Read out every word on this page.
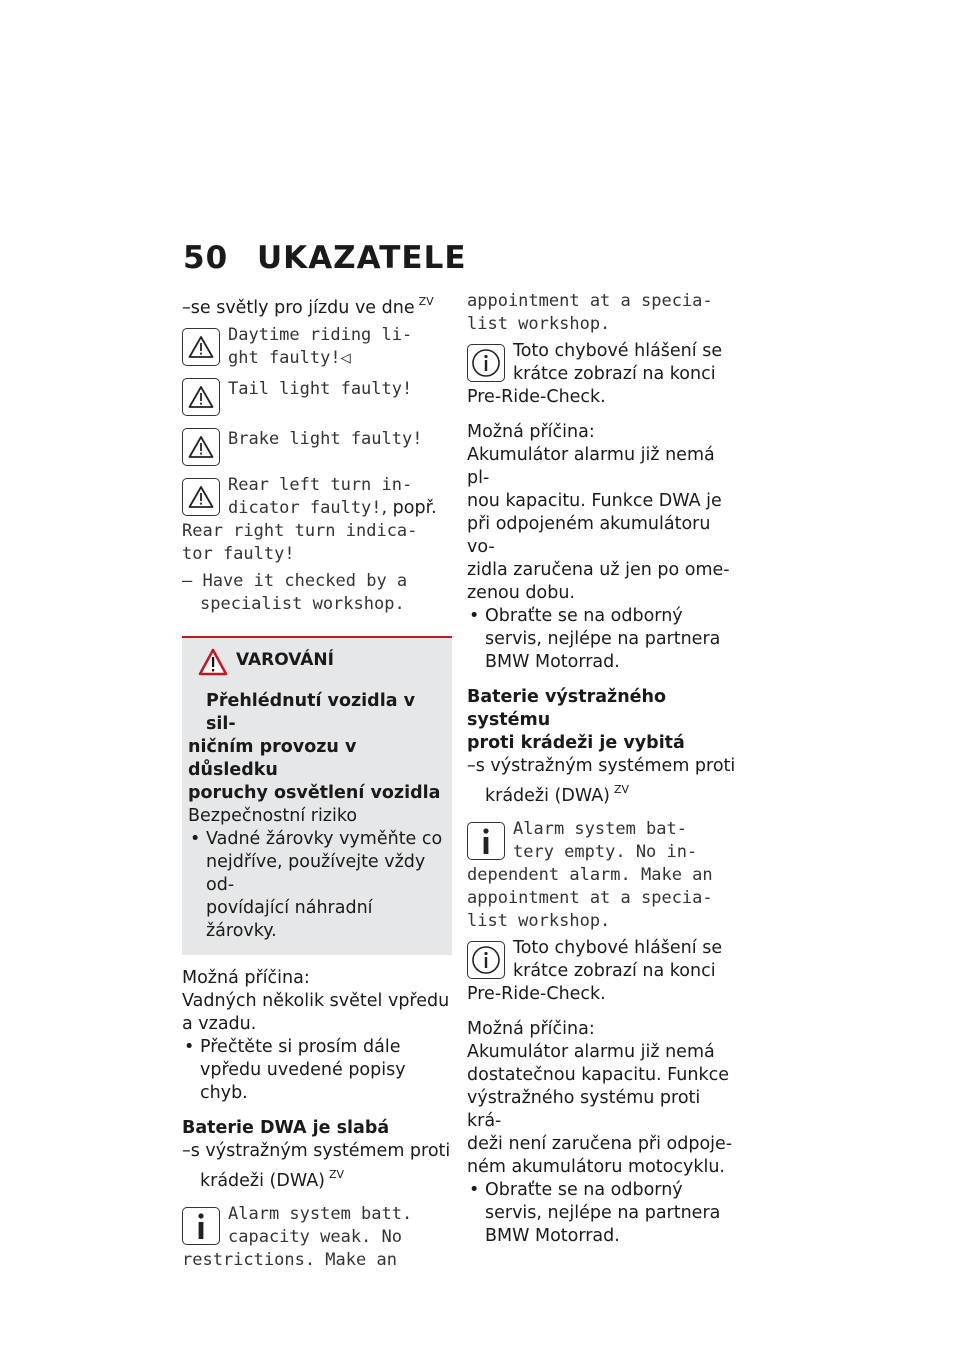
50 UKAZATELE
–se světly pro jízdu ve dne $^{ZV}$
Daytime riding li-
ght faulty!◁
Tail light faulty!
Brake light faulty!
Rear left turn in-
dicator faulty!, popř.
Rear right turn indica-
tor faulty!
– Have it checked by a
specialist workshop.
VAROVÁNÍ
Přehlédnutí vozidla v sil-
ničním provozu v důsledku
poruchy osvětlení vozidla
Bezpečnostní riziko
• Vadné žárovky vyměňte co
nejdříve, používejte vždy od-
povídající náhradní žárovky.
Možná příčina:
Vadných několik světel vpředu
a vzadu.
• Přečtěte si prosím dále
vpředu uvedené popisy chyb.
Baterie DWA je slabá
–s výstražným systémem proti
krádeži (DWA) $^{ZV}$
Alarm system batt.
capacity weak. No
restrictions. Make an
appointment at a specia-
list workshop.
Toto chybové hlášení se
krátce zobrazí na konci
Pre-Ride-Check.
Možná příčina:
Akumulátor alarmu již nemá pl-
nou kapacitu. Funkce DWA je
při odpojeném akumulátoru vo-
zidla zaručena už jen po ome-
zenou dobu.
• Obraťte se na odborný
servis, nejlépe na partnera
BMW Motorrad.
Baterie výstražného systému
proti krádeži je vybitá
–s výstražným systémem proti
krádeži (DWA) $^{ZV}$
Alarm system bat-
tery empty. No in-
dependent alarm. Make an
appointment at a specia-
list workshop.
Toto chybové hlášení se
krátce zobrazí na konci
Pre-Ride-Check.
Možná příčina:
Akumulátor alarmu již nemá
dostatečnou kapacitu. Funkce
výstražného systému proti krá-
deži není zaručena při odpoje-
ném akumulátoru motocyklu.
• Obraťte se na odborný
servis, nejlépe na partnera
BMW Motorrad.
